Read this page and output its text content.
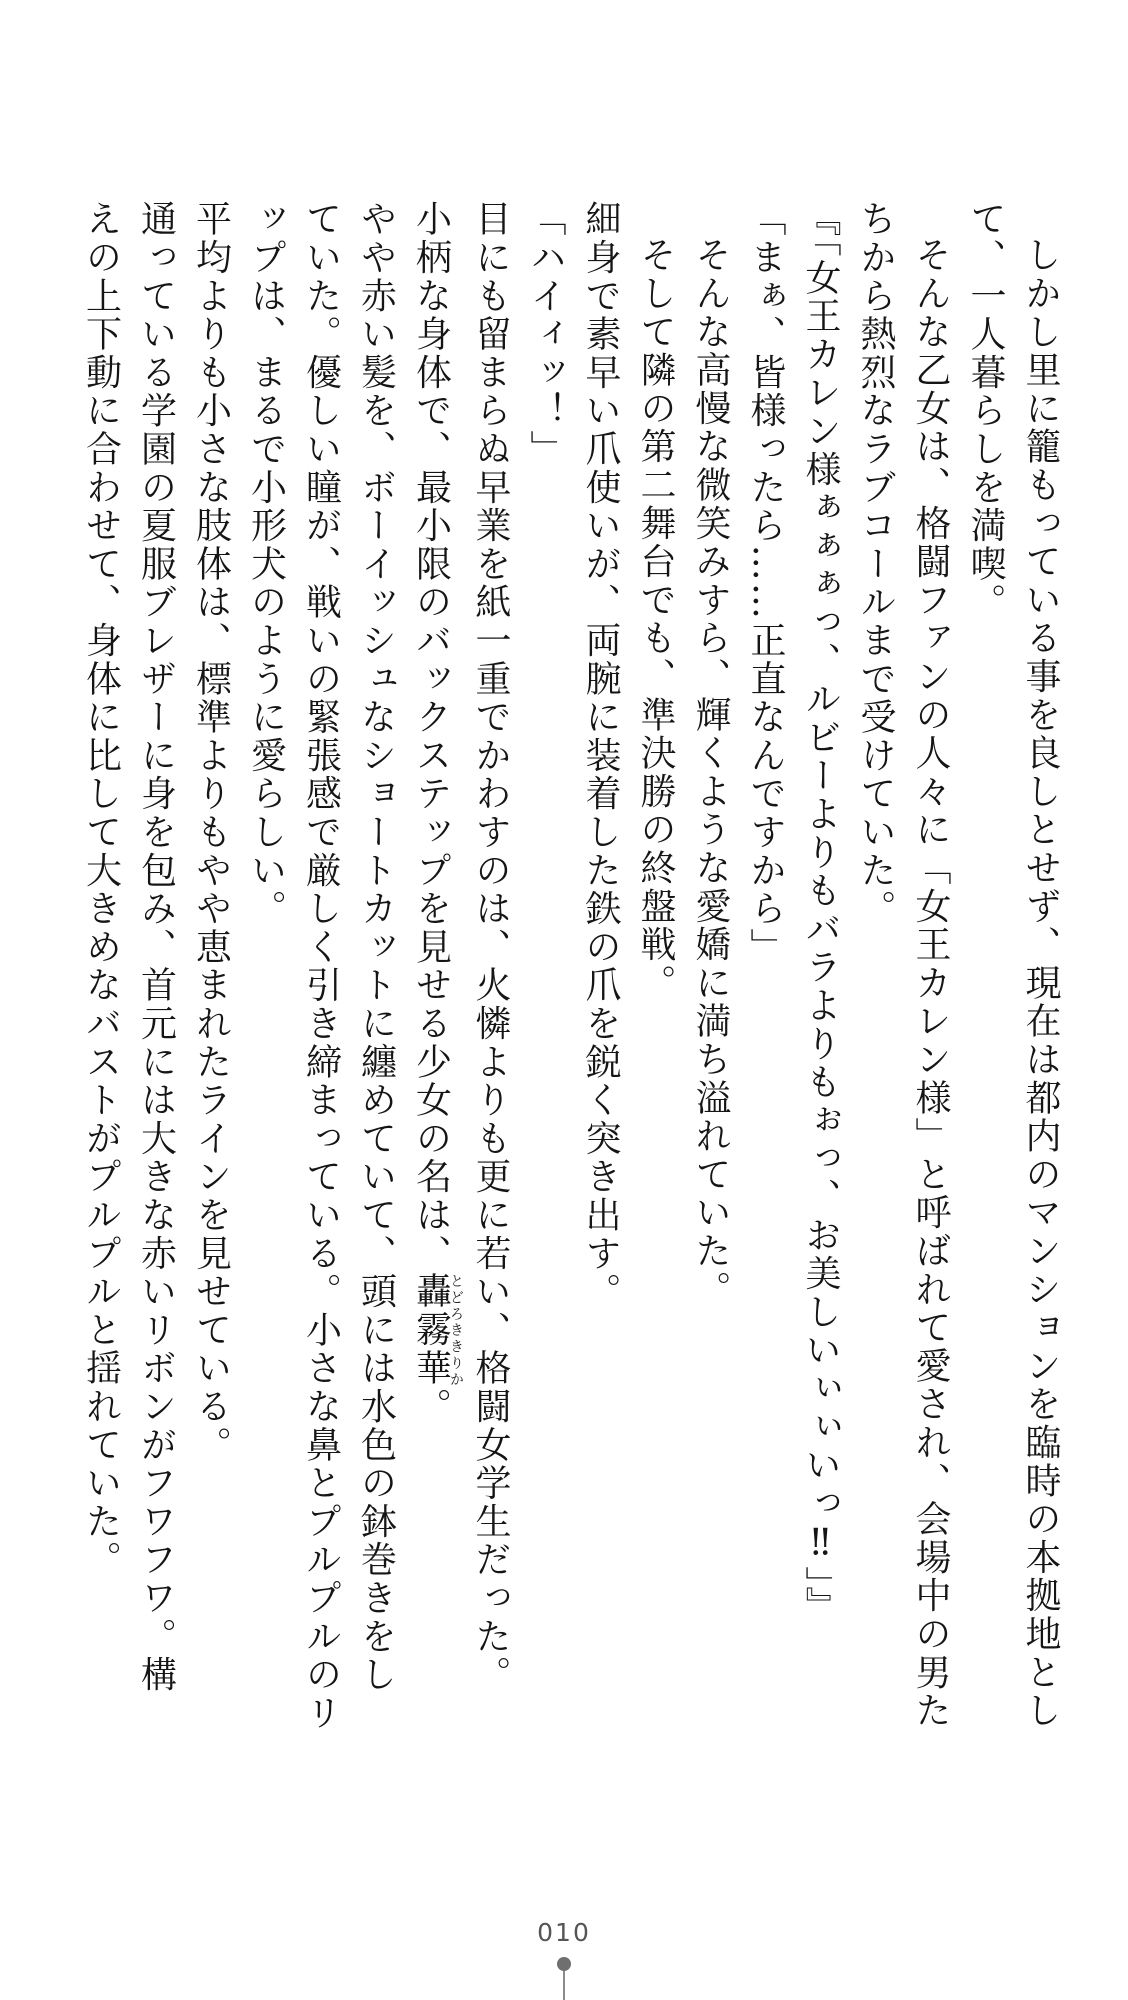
しかし里に籠もっている事を良しとせず、現在は都内のマンションを臨時の本拠地とし
て、一人暮らしを満喫。
そんな乙女は、格闘ファンの人々に「女王カレン様」と呼ばれて愛され、会場中の男た
ちから熱烈なラブコールまで受けていた。
『「女王カレン様ぁぁぁっ、ルビーよりもバラよりもぉっ、お美しいぃぃいっ‼」』
「まぁ、皆様ったら……正直なんですから」
そんな高慢な微笑みすら、輝くような愛嬌に満ち溢れていた。
そして隣の第二舞台でも、準決勝の終盤戦。
細身で素早い爪使いが、両腕に装着した鉄の爪を鋭く突き出す。
「ハイィッ！」
目にも留まらぬ早業を紙一重でかわすのは、火憐よりも更に若い、格闘女学生だった。
小柄な身体で、最小限のバックステップを見せる少女の名は、轟霧華とどろききりか。
やや赤い髪を、ボーイッシュなショートカットに纏めていて、頭には水色の鉢巻きをし
ていた。優しい瞳が、戦いの緊張感で厳しく引き締まっている。小さな鼻とプルプルのリ
ップは、まるで小形犬のように愛らしい。
平均よりも小さな肢体は、標準よりもやや恵まれたラインを見せている。
通っている学園の夏服ブレザーに身を包み、首元には大きな赤いリボンがフワフワ。構
えの上下動に合わせて、身体に比して大きめなバストがプルプルと揺れていた。
010
